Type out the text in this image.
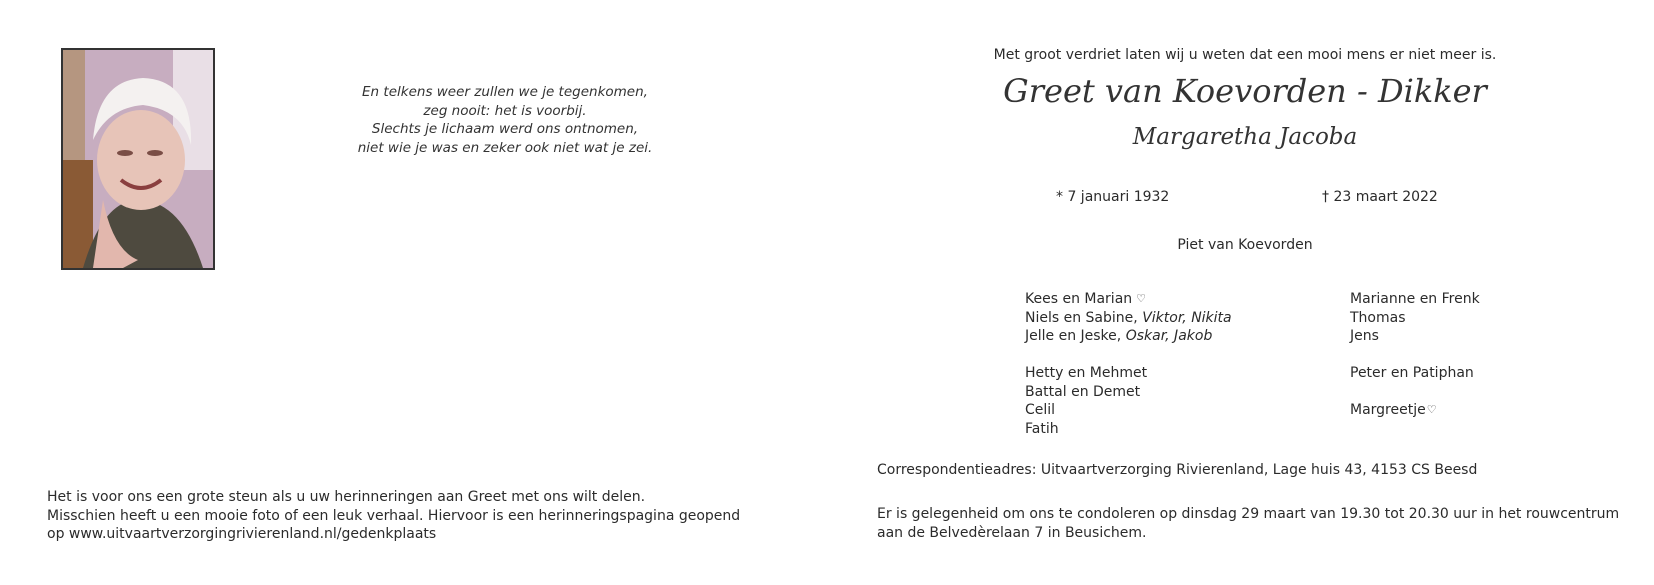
En telkens weer zullen we je tegenkomen,
zeg nooit: het is voorbij.
Slechts je lichaam werd ons ontnomen,
niet wie je was en zeker ook niet wat je zei.
Het is voor ons een grote steun als u uw herinneringen aan Greet met ons wilt delen.
Misschien heeft u een mooie foto of een leuk verhaal. Hiervoor is een herinneringspagina geopend
op www.uitvaartverzorgingrivierenland.nl/gedenkplaats
Met groot verdriet laten wij u weten dat een mooi mens er niet meer is.
Greet van Koevorden - Dikker
Margaretha Jacoba
* 7 januari 1932	† 23 maart 2022
Piet van Koevorden
Kees en Marian ♡
Niels en Sabine, Viktor, Nikita
Jelle en Jeske, Oskar, Jakob
Hetty en Mehmet
Battal en Demet
Celil
Fatih
Marianne en Frenk
Thomas
Jens
Peter en Patiphan
Margreetje♡
Correspondentieadres: Uitvaartverzorging Rivierenland, Lage huis 43, 4153 CS Beesd
Er is gelegenheid om ons te condoleren op dinsdag 29 maart van 19.30 tot 20.30 uur in het rouwcentrum
aan de Belvedèrelaan 7 in Beusichem.
